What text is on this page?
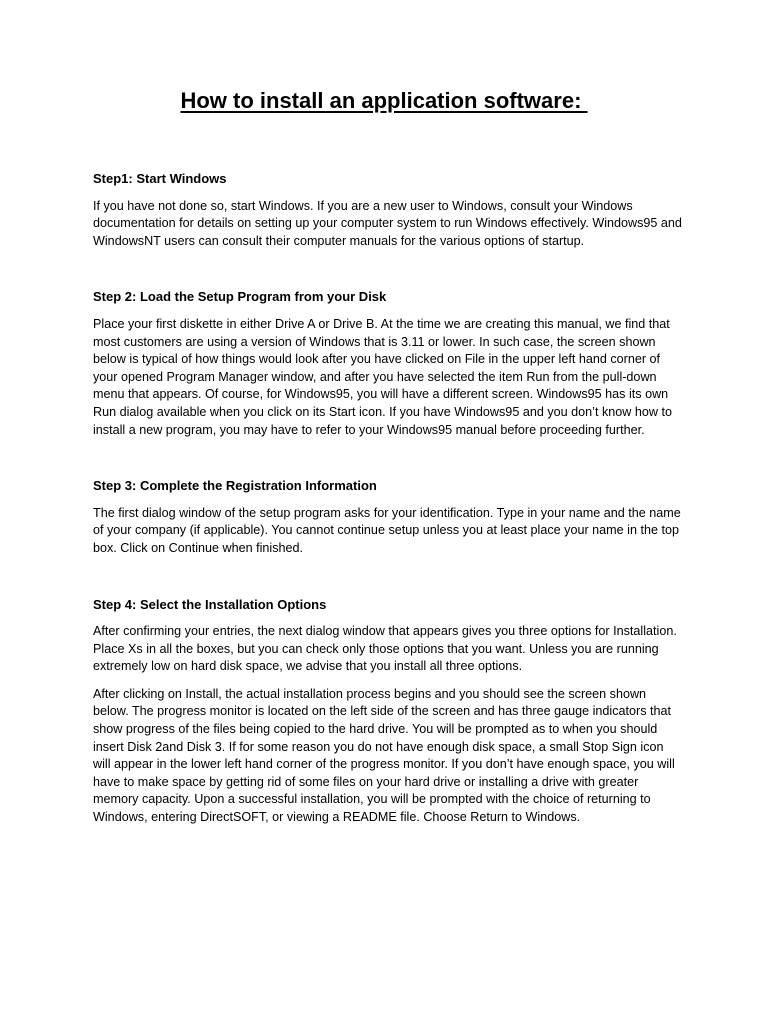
How to install an application software:

Step1: Start Windows

If you have not done so, start Windows. If you are a new user to Windows, consult your Windows documentation for details on setting up your computer system to run Windows effectively. Windows95 and WindowsNT users can consult their computer manuals for the various options of startup.

Step 2: Load the Setup Program from your Disk

Place your first diskette in either Drive A or Drive B. At the time we are creating this manual, we find that most customers are using a version of Windows that is 3.11 or lower. In such case, the screen shown below is typical of how things would look after you have clicked on File in the upper left hand corner of your opened Program Manager window, and after you have selected the item Run from the pull-down menu that appears. Of course, for Windows95, you will have a different screen. Windows95 has its own Run dialog available when you click on its Start icon. If you have Windows95 and you don’t know how to install a new program, you may have to refer to your Windows95 manual before proceeding further.

Step 3: Complete the Registration Information

The first dialog window of the setup program asks for your identification. Type in your name and the name of your company (if applicable). You cannot continue setup unless you at least place your name in the top box. Click on Continue when finished.

Step 4: Select the Installation Options

After confirming your entries, the next dialog window that appears gives you three options for Installation. Place Xs in all the boxes, but you can check only those options that you want. Unless you are running extremely low on hard disk space, we advise that you install all three options.

After clicking on Install, the actual installation process begins and you should see the screen shown below. The progress monitor is located on the left side of the screen and has three gauge indicators that show progress of the files being copied to the hard drive. You will be prompted as to when you should insert Disk 2and Disk 3. If for some reason you do not have enough disk space, a small Stop Sign icon will appear in the lower left hand corner of the progress monitor. If you don’t have enough space, you will have to make space by getting rid of some files on your hard drive or installing a drive with greater memory capacity. Upon a successful installation, you will be prompted with the choice of returning to Windows, entering DirectSOFT, or viewing a README file. Choose Return to Windows.
